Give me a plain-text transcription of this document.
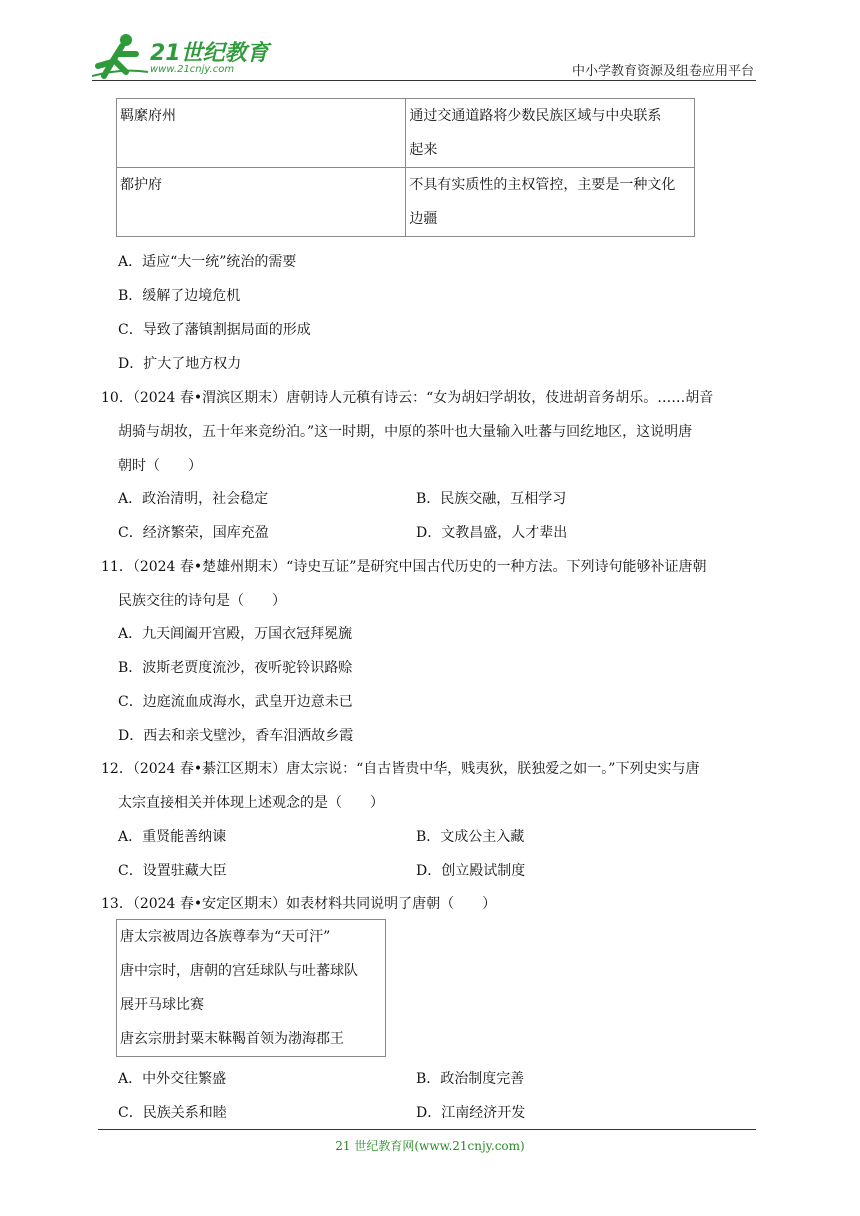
21世纪教育
www.21cnjy.com	中小学教育资源及组卷应用平台
羁縻府州	通过交通道路将少数民族区域与中央联系
起来

都护府	不具有实质性的主权管控，主要是一种文化
边疆
A．适应“大一统”统治的需要
B．缓解了边境危机
C．导致了藩镇割据局面的形成
D．扩大了地方权力
10．（2024 春•渭滨区期末）唐朝诗人元稹有诗云：“女为胡妇学胡妆，伎进胡音务胡乐。……胡音
胡骑与胡妆，五十年来竞纷泊。”这一时期，中原的茶叶也大量输入吐蕃与回纥地区，这说明唐
朝时（　　）
A．政治清明，社会稳定	B．民族交融，互相学习
C．经济繁荣，国库充盈	D．文教昌盛，人才辈出
11．（2024 春•楚雄州期末）“诗史互证”是研究中国古代历史的一种方法。下列诗句能够补证唐朝
民族交往的诗句是（　　）
A．九天阊阖开宫殿，万国衣冠拜冕旒
B．波斯老贾度流沙，夜听驼铃识路赊
C．边庭流血成海水，武皇开边意未已
D．西去和亲戈壁沙，香车泪洒故乡霞
12．（2024 春•綦江区期末）唐太宗说：“自古皆贵中华，贱夷狄，朕独爱之如一。”下列史实与唐
太宗直接相关并体现上述观念的是（　　）
A．重贤能善纳谏	B．文成公主入藏
C．设置驻藏大臣	D．创立殿试制度
13．（2024 春•安定区期末）如表材料共同说明了唐朝（　　）
唐太宗被周边各族尊奉为“天可汗”
唐中宗时，唐朝的宫廷球队与吐蕃球队
展开马球比赛
唐玄宗册封粟末靺鞨首领为渤海郡王
A．中外交往繁盛	B．政治制度完善
C．民族关系和睦	D．江南经济开发
21 世纪教育网(www.21cnjy.com)
